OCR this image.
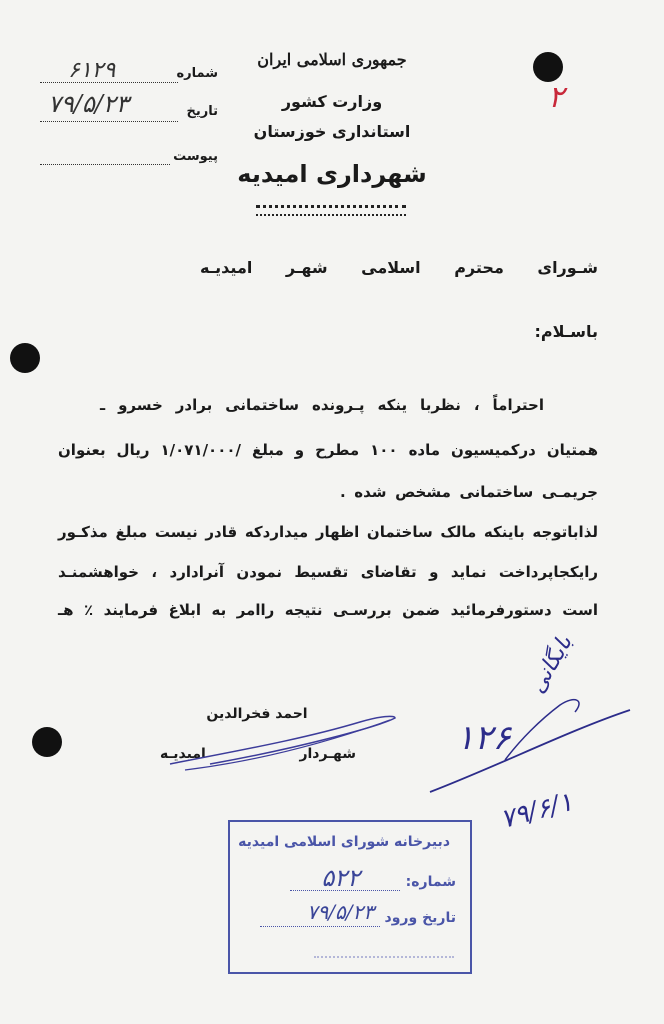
جمهوری اسلامی ایران
وزارت کشور
استانداری خوزستان
شهرداری امیدیه
شماره
۶۱۲۹
تاریخ
۷۹/۵/۲۳
پیوست
۲
شـورای محترم اسلامی شهـر امیدیـه
باسـلام:
احتراماً ، نظربا ینکه پـرونده ساختمانی برادر خسرو ـ
همتیان درکمیسیون ماده ۱۰۰ مطرح و مبلغ /۱/۰۷۱/۰۰۰ ریال بعنوان
جریمـی ساختمانی مشخص شده .
لذاباتوجه باینکه مالک ساختمان اظهار میداردکه قادر نیست مبلغ مذکـور
رایکجاپرداخت نماید و تقاضای تقسیط نمودن آنرادارد ، خواهشمنـد
است دستورفرمائید ضمن بررسـی نتیجه راامر به ابلاغ فرمایند ٪ هـ
احمد فخرالدین
شهـردار امیدیـه
بایگانی
۱۲۶
۷۹/۶/۱
دبیرخانه شورای اسلامی امیدیه
شماره:
۵۲۲
تاریخ ورود
۷۹/۵/۲۳
